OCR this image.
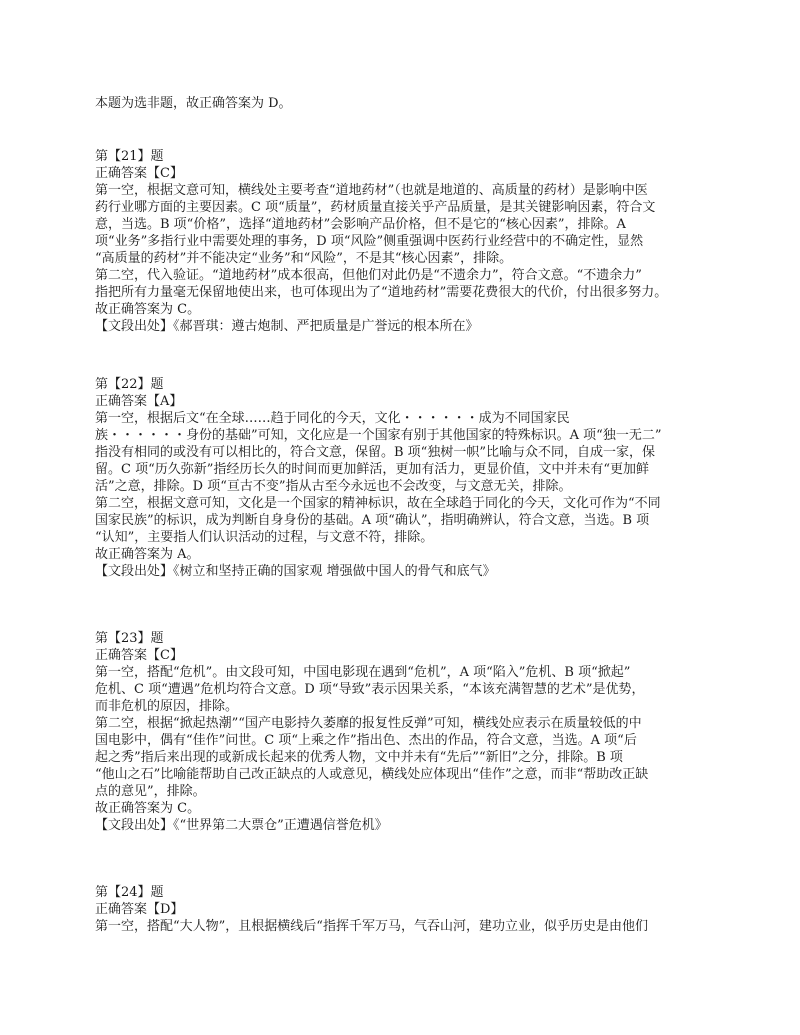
本题为选非题，故正确答案为 D。
第【21】题
正确答案【C】
第一空，根据文意可知，横线处主要考查“道地药材”（也就是地道的、高质量的药材）是影响中医
药行业哪方面的主要因素。C 项“质量”，药材质量直接关乎产品质量，是其关键影响因素，符合文
意，当选。B 项“价格”，选择“道地药材”会影响产品价格，但不是它的“核心因素”，排除。A
项“业务”多指行业中需要处理的事务，D 项“风险”侧重强调中医药行业经营中的不确定性，显然
“高质量的药材”并不能决定“业务”和“风险”，不是其“核心因素”，排除。
第二空，代入验证。“道地药材”成本很高，但他们对此仍是“不遗余力”，符合文意。“不遗余力”
指把所有力量毫无保留地使出来，也可体现出为了“道地药材”需要花费很大的代价，付出很多努力。
故正确答案为 C。
【文段出处】《郝晋琪：遵古炮制、严把质量是广誉远的根本所在》
第【22】题
正确答案【A】
第一空，根据后文“在全球……趋于同化的今天，文化・・・・・・成为不同国家民
族・・・・・・身份的基础”可知，文化应是一个国家有别于其他国家的特殊标识。A 项“独一无二”
指没有相同的或没有可以相比的，符合文意，保留。B 项“独树一帜”比喻与众不同，自成一家，保
留。C 项“历久弥新”指经历长久的时间而更加鲜活，更加有活力，更显价值，文中并未有“更加鲜
活”之意，排除。D 项“亘古不变”指从古至今永远也不会改变，与文意无关，排除。
第二空，根据文意可知，文化是一个国家的精神标识，故在全球趋于同化的今天，文化可作为“不同
国家民族”的标识，成为判断自身身份的基础。A 项“确认”，指明确辨认，符合文意，当选。B 项
“认知”，主要指人们认识活动的过程，与文意不符，排除。
故正确答案为 A。
【文段出处】《树立和坚持正确的国家观 增强做中国人的骨气和底气》
第【23】题
正确答案【C】
第一空，搭配“危机”。由文段可知，中国电影现在遇到“危机”，A 项“陷入”危机、B 项“掀起”
危机、C 项“遭遇”危机均符合文意。D 项“导致”表示因果关系，“本该充满智慧的艺术”是优势，
而非危机的原因，排除。
第二空，根据“掀起热潮”“国产电影持久萎靡的报复性反弹”可知，横线处应表示在质量较低的中
国电影中，偶有“佳作”问世。C 项“上乘之作”指出色、杰出的作品，符合文意，当选。A 项“后
起之秀”指后来出现的或新成长起来的优秀人物，文中并未有“先后”“新旧”之分，排除。B 项
“他山之石”比喻能帮助自己改正缺点的人或意见，横线处应体现出“佳作”之意，而非“帮助改正缺
点的意见”，排除。
故正确答案为 C。
【文段出处】《“世界第二大票仓”正遭遇信誉危机》
第【24】题
正确答案【D】
第一空，搭配“大人物”，且根据横线后“指挥千军万马，气吞山河，建功立业，似乎历史是由他们
